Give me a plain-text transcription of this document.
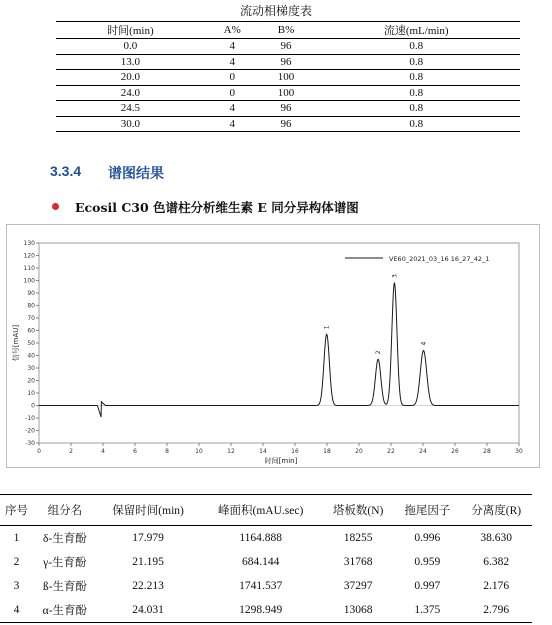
流动相梯度表
时间(min)	A%	B%	流速(mL/min)
0.0	4	96	0.8
13.0	4	96	0.8
20.0	0	100	0.8
24.0	0	100	0.8
24.5	4	96	0.8
30.0	4	96	0.8
3.3.4 谱图结果
Ecosil C30 色谱柱分析维生素 E 同分异构体谱图
-30
-20
-10
0
10
20
30
40
50
60
70
80
90
100
110
120
130
0	2	4	6	8	10	12	14	16	18	20	22	24	26	28	30
1
2
3
4
VE60_2021_03_16 16_27_42_1
时间[min]
信号[mAU]
序号	组分名	保留时间(min)	峰面积(mAU.sec)	塔板数(N)	拖尾因子	分离度(R)
1	δ-生育酚	17.979	1164.888	18255	0.996	38.630
2	γ-生育酚	21.195	684.144	31768	0.959	6.382
3	ß-生育酚	22.213	1741.537	37297	0.997	2.176
4	α-生育酚	24.031	1298.949	13068	1.375	2.796
